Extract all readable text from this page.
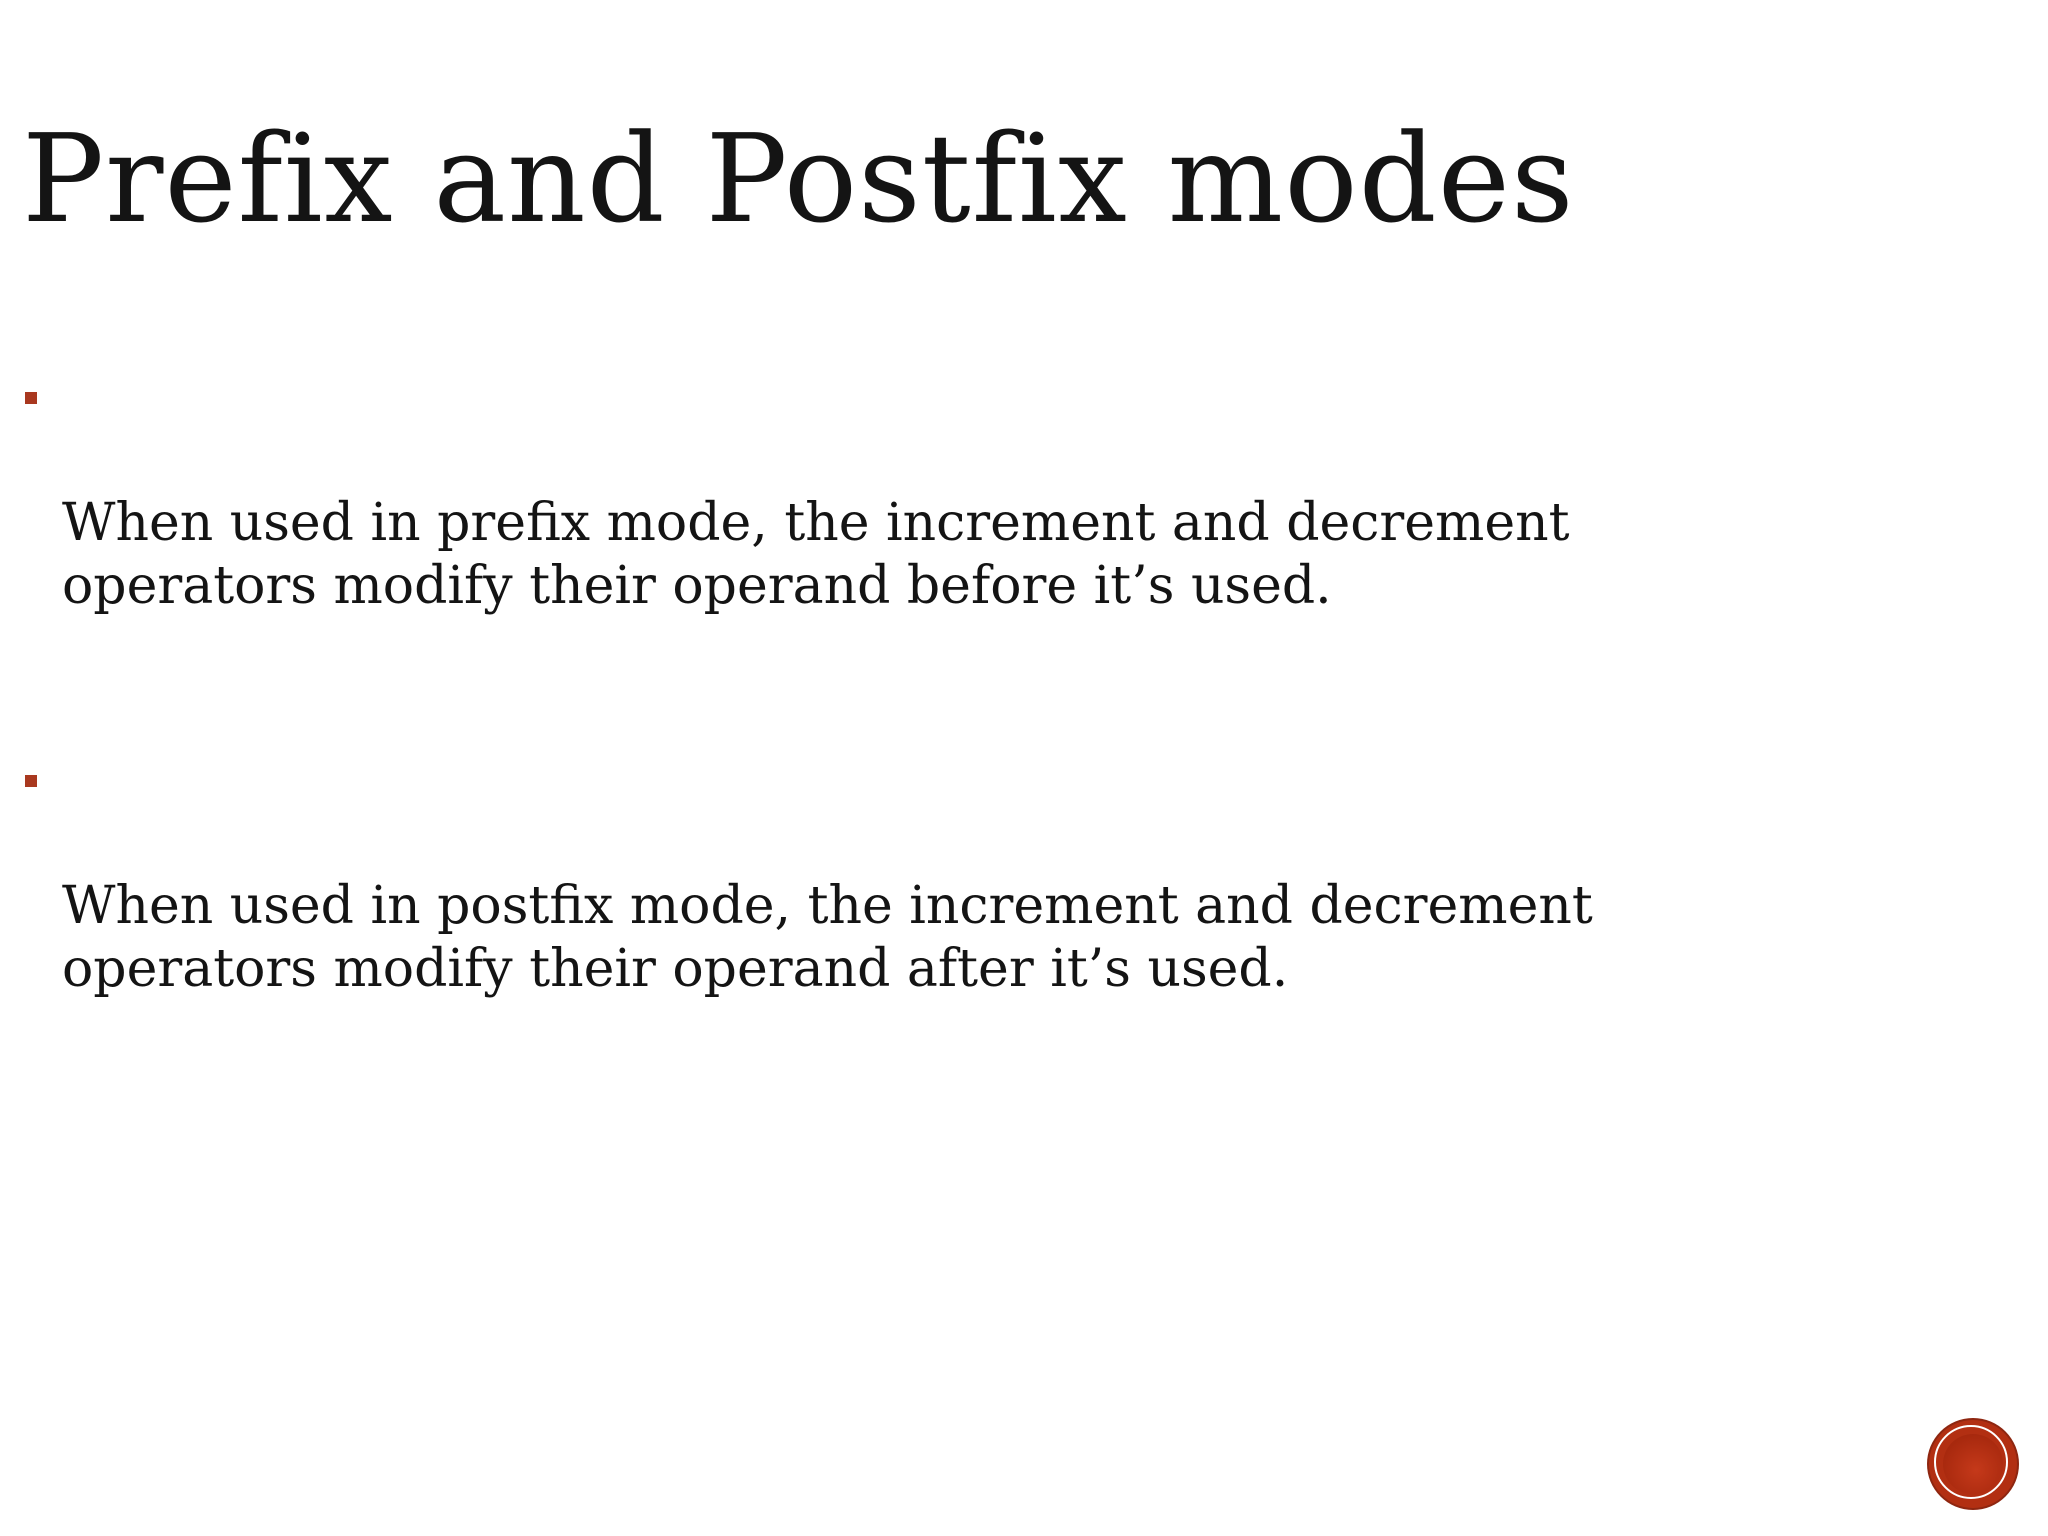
Prefix and Postfix modes

When used in prefix mode, the increment and decrement
operators modify their operand before it’s used.

When used in postfix mode, the increment and decrement
operators modify their operand after it’s used.
